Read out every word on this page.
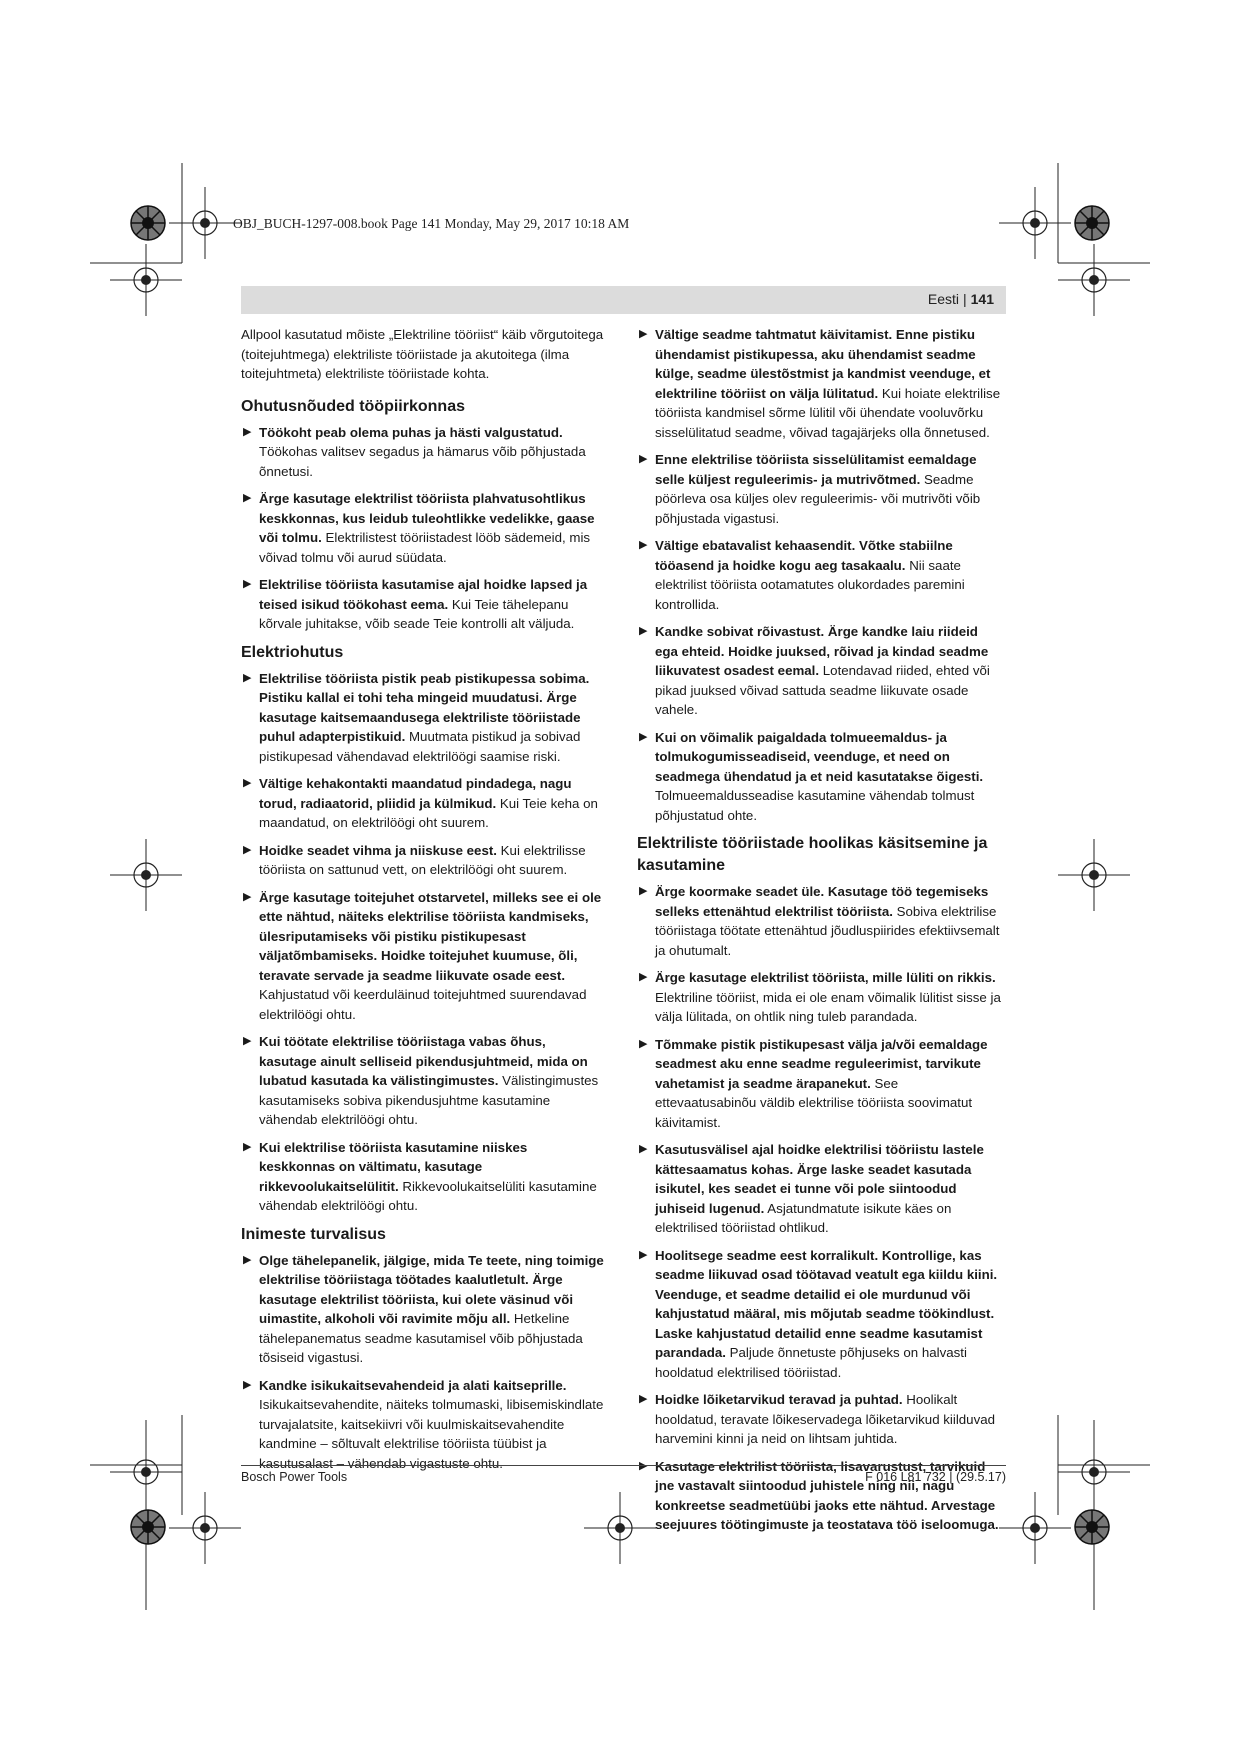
OBJ_BUCH-1297-008.book Page 141 Monday, May 29, 2017 10:18 AM
Eesti | 141

Allpool kasutatud mõiste „Elektriline tööriist“ käib võrgutoitega (toitejuhtmega) elektriliste tööriistade ja akutoitega (ilma toitejuhtmeta) elektriliste tööriistade kohta.

Ohutusnõuded tööpiirkonnas
▶ Töökoht peab olema puhas ja hästi valgustatud. Töökohas valitsev segadus ja hämarus võib põhjustada õnnetusi.
▶ Ärge kasutage elektrilist tööriista plahvatusohtlikus keskkonnas, kus leidub tuleohtlikke vedelikke, gaase või tolmu. Elektrilistest tööriistadest lööb sädemeid, mis võivad tolmu või aurud süüdata.
▶ Elektrilise tööriista kasutamise ajal hoidke lapsed ja teised isikud töökohast eema. Kui Teie tähelepanu kõrvale juhitakse, võib seade Teie kontrolli alt väljuda.
Elektriohutus
▶ Elektrilise tööriista pistik peab pistikupessa sobima. Pistiku kallal ei tohi teha mingeid muudatusi. Ärge kasutage kaitsemaandusega elektriliste tööriistade puhul adapterpistikuid. Muutmata pistikud ja sobivad pistikupesad vähendavad elektrilöögi saamise riski.
▶ Vältige kehakontakti maandatud pindadega, nagu torud, radiaatorid, pliidid ja külmikud. Kui Teie keha on maandatud, on elektrilöögi oht suurem.
▶ Hoidke seadet vihma ja niiskuse eest. Kui elektrilisse tööriista on sattunud vett, on elektrilöögi oht suurem.
▶ Ärge kasutage toitejuhet otstarvetel, milleks see ei ole ette nähtud, näiteks elektrilise tööriista kandmiseks, ülesriputamiseks või pistiku pistikupesast väljatõmbamiseks. Hoidke toitejuhet kuumuse, õli, teravate servade ja seadme liikuvate osade eest. Kahjustatud või keerduläinud toitejuhtmed suurendavad elektrilöögi ohtu.
▶ Kui töötate elektrilise tööriistaga vabas õhus, kasutage ainult selliseid pikendusjuhtmeid, mida on lubatud kasutada ka välistingimustes. Välistingimustes kasutamiseks sobiva pikendusjuhtme kasutamine vähendab elektrilöögi ohtu.
▶ Kui elektrilise tööriista kasutamine niiskes keskkonnas on vältimatu, kasutage rikkevoolukaitselülitit. Rikkevoolukaitselüliti kasutamine vähendab elektrilöögi ohtu.
Inimeste turvalisus
▶ Olge tähelepanelik, jälgige, mida Te teete, ning toimige elektrilise tööriistaga töötades kaalutletult. Ärge kasutage elektrilist tööriista, kui olete väsinud või uimastite, alkoholi või ravimite mõju all. Hetkeline tähelepanematus seadme kasutamisel võib põhjustada tõsiseid vigastusi.
▶ Kandke isikukaitsevahendeid ja alati kaitseprille. Isikukaitsevahendite, näiteks tolmumaski, libisemiskindlate turvajalatsite, kaitsekiivri või kuulmiskaitsevahendite kandmine – sõltuvalt elektrilise tööriista tüübist ja kasutusalast – vähendab vigastuste ohtu.
▶ Vältige seadme tahtmatut käivitamist. Enne pistiku ühendamist pistikupessa, aku ühendamist seadme külge, seadme ülestõstmist ja kandmist veenduge, et elektriline tööriist on välja lülitatud. Kui hoiate elektrilise tööriista kandmisel sõrme lülitil või ühendate vooluvõrku sisselülitatud seadme, võivad tagajärjeks olla õnnetused.
▶ Enne elektrilise tööriista sisselülitamist eemaldage selle küljest reguleerimis- ja mutrivõtmed. Seadme pöörleva osa küljes olev reguleerimis- või mutrivõti võib põhjustada vigastusi.
▶ Vältige ebatavalist kehaasendit. Võtke stabiilne tööasend ja hoidke kogu aeg tasakaalu. Nii saate elektrilist tööriista ootamatutes olukordades paremini kontrollida.
▶ Kandke sobivat rõivastust. Ärge kandke laiu riideid ega ehteid. Hoidke juuksed, rõivad ja kindad seadme liikuvatest osadest eemal. Lotendavad riided, ehted või pikad juuksed võivad sattuda seadme liikuvate osade vahele.
▶ Kui on võimalik paigaldada tolmueemaldus- ja tolmukogumisseadiseid, veenduge, et need on seadmega ühendatud ja et neid kasutatakse õigesti. Tolmueemaldusseadise kasutamine vähendab tolmust põhjustatud ohte.
Elektriliste tööriistade hoolikas käsitsemine ja kasutamine
▶ Ärge koormake seadet üle. Kasutage töö tegemiseks selleks ettenähtud elektrilist tööriista. Sobiva elektrilise tööriistaga töötate ettenähtud jõudluspiirides efektiivsemalt ja ohutumalt.
▶ Ärge kasutage elektrilist tööriista, mille lüliti on rikkis. Elektriline tööriist, mida ei ole enam võimalik lülitist sisse ja välja lülitada, on ohtlik ning tuleb parandada.
▶ Tõmmake pistik pistikupesast välja ja/või eemaldage seadmest aku enne seadme reguleerimist, tarvikute vahetamist ja seadme ärapanekut. See ettevaatusabinõu väldib elektrilise tööriista soovimatut käivitamist.
▶ Kasutusvälisel ajal hoidke elektrilisi tööriistu lastele kättesaamatus kohas. Ärge laske seadet kasutada isikutel, kes seadet ei tunne või pole siintoodud juhiseid lugenud. Asjatundmatute isikute käes on elektrilised tööriistad ohtlikud.
▶ Hoolitsege seadme eest korralikult. Kontrollige, kas seadme liikuvad osad töötavad veatult ega kiildu kiini. Veenduge, et seadme detailid ei ole murdunud või kahjustatud määral, mis mõjutab seadme töökindlust. Laske kahjustatud detailid enne seadme kasutamist parandada. Paljude õnnetuste põhjuseks on halvasti hooldatud elektrilised tööriistad.
▶ Hoidke lõiketarvikud teravad ja puhtad. Hoolikalt hooldatud, teravate lõikeservadega lõiketarvikud kiilduvad harvemini kinni ja neid on lihtsam juhtida.
▶ Kasutage elektrilist tööriista, lisavarustust, tarvikuid jne vastavalt siintoodud juhistele ning nii, nagu konkreetse seadmetüübi jaoks ette nähtud. Arvestage seejuures töötingimuste ja teostatava töö iseloomuga.
Bosch Power Tools	F 016 L81 732 | (29.5.17)
